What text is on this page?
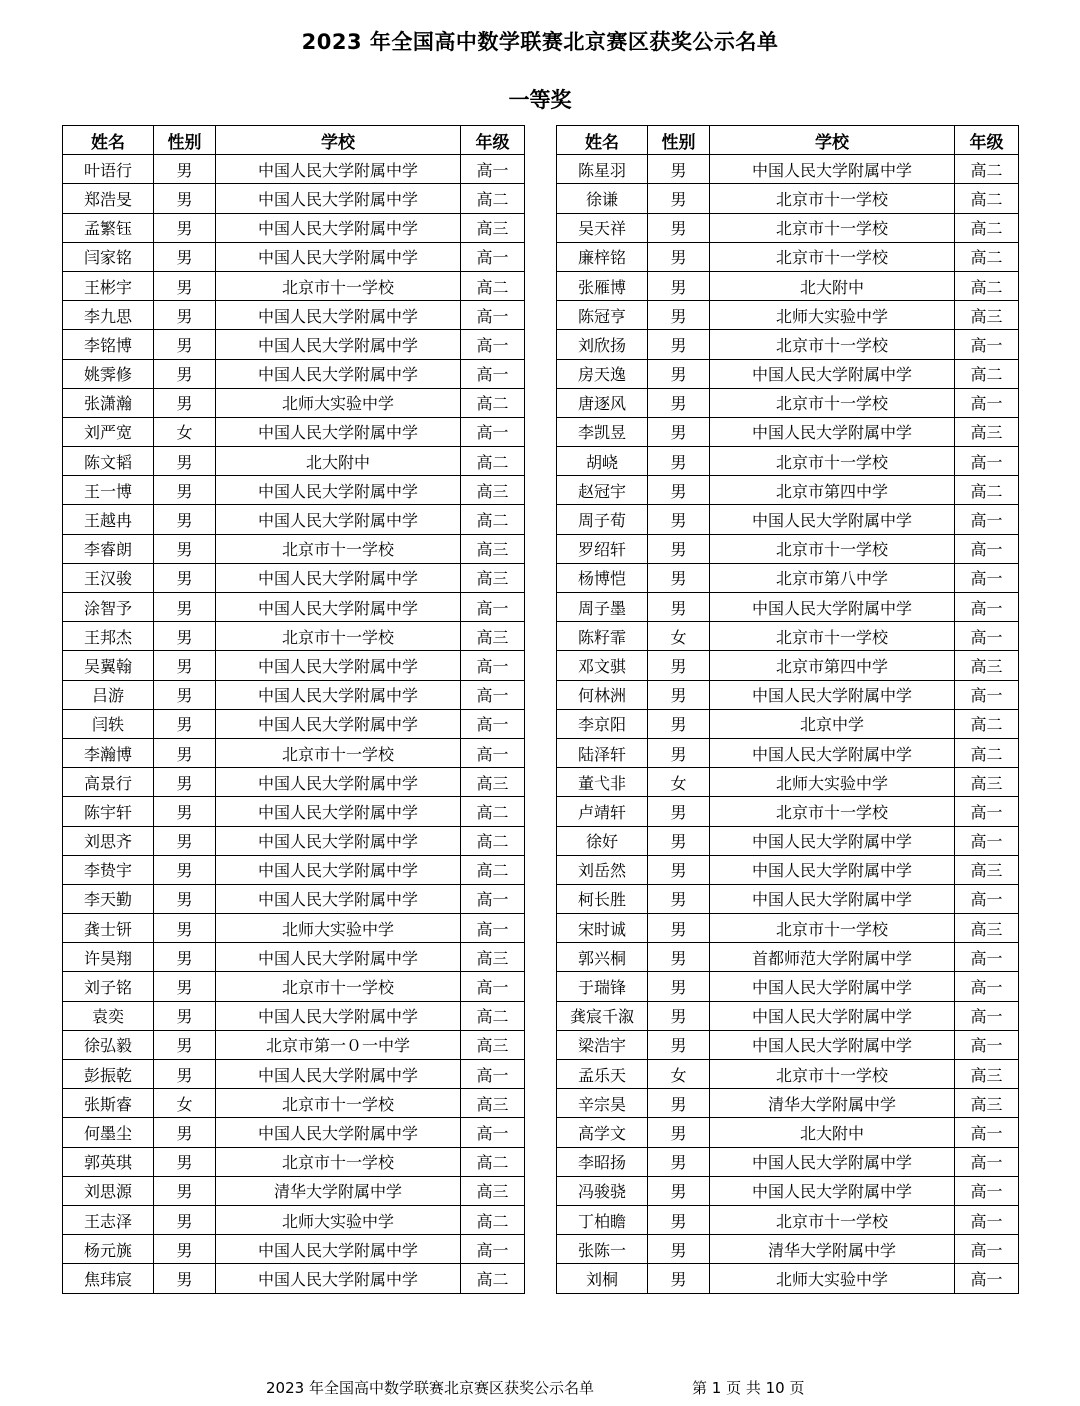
2023 年全国高中数学联赛北京赛区获奖公示名单
一等奖
姓名	性别	学校	年级
叶语行	男	中国人民大学附属中学	高一
郑浩旻	男	中国人民大学附属中学	高二
孟繁钰	男	中国人民大学附属中学	高三
闫家铭	男	中国人民大学附属中学	高一
王彬宇	男	北京市十一学校	高二
李九思	男	中国人民大学附属中学	高一
李铭博	男	中国人民大学附属中学	高一
姚霁修	男	中国人民大学附属中学	高一
张潇瀚	男	北师大实验中学	高二
刘严宽	女	中国人民大学附属中学	高一
陈文韬	男	北大附中	高二
王一博	男	中国人民大学附属中学	高三
王越冉	男	中国人民大学附属中学	高二
李睿朗	男	北京市十一学校	高三
王汉骏	男	中国人民大学附属中学	高三
涂智予	男	中国人民大学附属中学	高一
王邦杰	男	北京市十一学校	高三
吴翼翰	男	中国人民大学附属中学	高一
吕游	男	中国人民大学附属中学	高一
闫轶	男	中国人民大学附属中学	高一
李瀚博	男	北京市十一学校	高一
高景行	男	中国人民大学附属中学	高三
陈宇轩	男	中国人民大学附属中学	高二
刘思齐	男	中国人民大学附属中学	高二
李贽宇	男	中国人民大学附属中学	高二
李天勤	男	中国人民大学附属中学	高一
龚士钘	男	北师大实验中学	高一
许昊翔	男	中国人民大学附属中学	高三
刘子铭	男	北京市十一学校	高一
袁奕	男	中国人民大学附属中学	高二
徐弘毅	男	北京市第一０一中学	高三
彭振乾	男	中国人民大学附属中学	高一
张斯睿	女	北京市十一学校	高三
何墨尘	男	中国人民大学附属中学	高一
郭英琪	男	北京市十一学校	高二
刘思源	男	清华大学附属中学	高三
王志泽	男	北师大实验中学	高二
杨元旐	男	中国人民大学附属中学	高一
焦玮宸	男	中国人民大学附属中学	高二
姓名	性别	学校	年级
陈星羽	男	中国人民大学附属中学	高二
徐谦	男	北京市十一学校	高二
吴天祥	男	北京市十一学校	高二
廉梓铭	男	北京市十一学校	高二
张雁博	男	北大附中	高二
陈冠亨	男	北师大实验中学	高三
刘欣扬	男	北京市十一学校	高一
房天逸	男	中国人民大学附属中学	高二
唐逐风	男	北京市十一学校	高一
李凯昱	男	中国人民大学附属中学	高三
胡峣	男	北京市十一学校	高一
赵冠宇	男	北京市第四中学	高二
周子荀	男	中国人民大学附属中学	高一
罗绍轩	男	北京市十一学校	高一
杨博恺	男	北京市第八中学	高一
周子墨	男	中国人民大学附属中学	高一
陈籽霏	女	北京市十一学校	高一
邓文骐	男	北京市第四中学	高三
何林洲	男	中国人民大学附属中学	高一
李京阳	男	北京中学	高二
陆泽轩	男	中国人民大学附属中学	高二
董弋非	女	北师大实验中学	高三
卢靖轩	男	北京市十一学校	高一
徐好	男	中国人民大学附属中学	高一
刘岳然	男	中国人民大学附属中学	高三
柯长胜	男	中国人民大学附属中学	高一
宋时诚	男	北京市十一学校	高三
郭兴桐	男	首都师范大学附属中学	高一
于瑞锋	男	中国人民大学附属中学	高一
龚宸千溆	男	中国人民大学附属中学	高一
梁浩宇	男	中国人民大学附属中学	高一
孟乐天	女	北京市十一学校	高三
辛宗昊	男	清华大学附属中学	高三
高学文	男	北大附中	高一
李昭扬	男	中国人民大学附属中学	高一
冯骏骁	男	中国人民大学附属中学	高一
丁柏瞻	男	北京市十一学校	高一
张陈一	男	清华大学附属中学	高一
刘桐	男	北师大实验中学	高一
2023 年全国高中数学联赛北京赛区获奖公示名单	第 1 页 共 10 页
